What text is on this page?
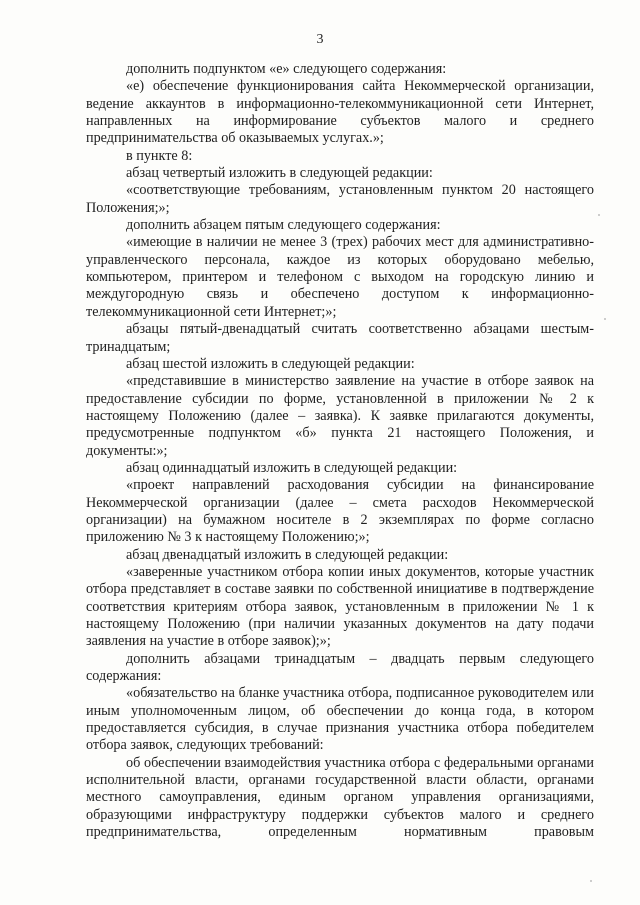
3

дополнить подпунктом «е» следующего содержания:

«е) обеспечение функционирования сайта Некоммерческой организации, ведение аккаунтов в информационно-телекоммуникационной сети Интернет, направленных на информирование субъектов малого и среднего предпринимательства об оказываемых услугах.»;

в пункте 8:

абзац четвертый изложить в следующей редакции:

«соответствующие требованиям, установленным пунктом 20 настоящего Положения;»;

дополнить абзацем пятым следующего содержания:

«имеющие в наличии не менее 3 (трех) рабочих мест для административно-управленческого персонала, каждое из которых оборудовано мебелью, компьютером, принтером и телефоном с выходом на городскую линию и междугородную связь и обеспечено доступом к информационно-телекоммуникационной сети Интернет;»;

абзацы пятый-двенадцатый считать соответственно абзацами шестым-тринадцатым;

абзац шестой изложить в следующей редакции:

«представившие в министерство заявление на участие в отборе заявок на предоставление субсидии по форме, установленной в приложении № 2 к настоящему Положению (далее – заявка). К заявке прилагаются документы, предусмотренные подпунктом «б» пункта 21 настоящего Положения, и документы:»;

абзац одиннадцатый изложить в следующей редакции:

«проект направлений расходования субсидии на финансирование Некоммерческой организации (далее – смета расходов Некоммерческой организации) на бумажном носителе в 2 экземплярах по форме согласно приложению № 3 к настоящему Положению;»;

абзац двенадцатый изложить в следующей редакции:

«заверенные участником отбора копии иных документов, которые участник отбора представляет в составе заявки по собственной инициативе в подтверждение соответствия критериям отбора заявок, установленным в приложении № 1 к настоящему Положению (при наличии указанных документов на дату подачи заявления на участие в отборе заявок);»;

дополнить абзацами тринадцатым – двадцать первым следующего содержания:

«обязательство на бланке участника отбора, подписанное руководителем или иным уполномоченным лицом, об обеспечении до конца года, в котором предоставляется субсидия, в случае признания участника отбора победителем отбора заявок, следующих требований:

об обеспечении взаимодействия участника отбора с федеральными органами исполнительной власти, органами государственной власти области, органами местного самоуправления, единым органом управления организациями, образующими инфраструктуру поддержки субъектов малого и среднего предпринимательства, определенным нормативным правовым
